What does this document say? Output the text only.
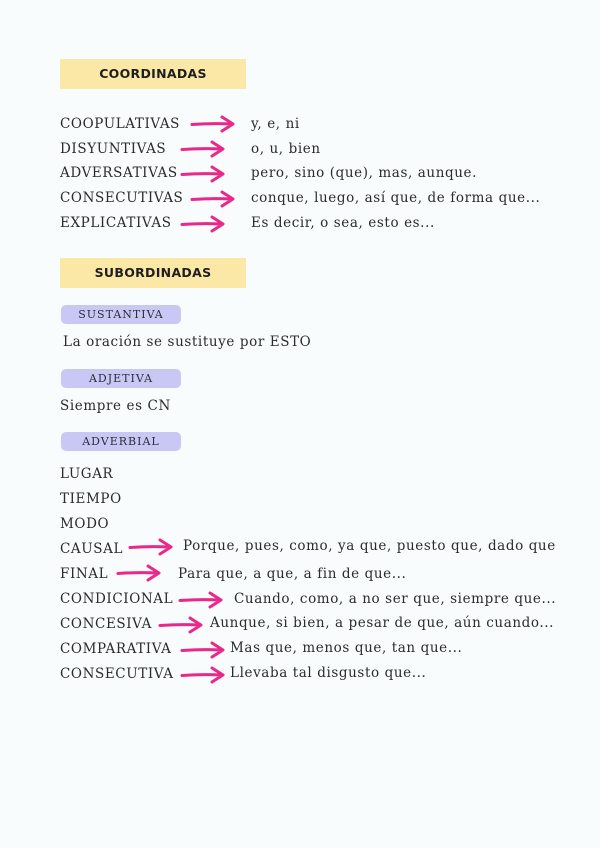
COORDINADAS
COOPULATIVAS	y, e, ni
DISYUNTIVAS	o, u, bien
ADVERSATIVAS	pero, sino (que), mas, aunque.
CONSECUTIVAS	conque, luego, así que, de forma que...
EXPLICATIVAS	Es decir, o sea, esto es...
SUBORDINADAS
SUSTANTIVA
La oración se sustituye por ESTO
ADJETIVA
Siempre es CN
ADVERBIAL
LUGAR
TIEMPO
MODO
CAUSAL	Porque, pues, como, ya que, puesto que, dado que
FINAL	Para que, a que, a fin de que...
CONDICIONAL	Cuando, como, a no ser que, siempre que...
CONCESIVA	Aunque, si bien, a pesar de que, aún cuando...
COMPARATIVA	Mas que, menos que, tan que...
CONSECUTIVA	Llevaba tal disgusto que...
